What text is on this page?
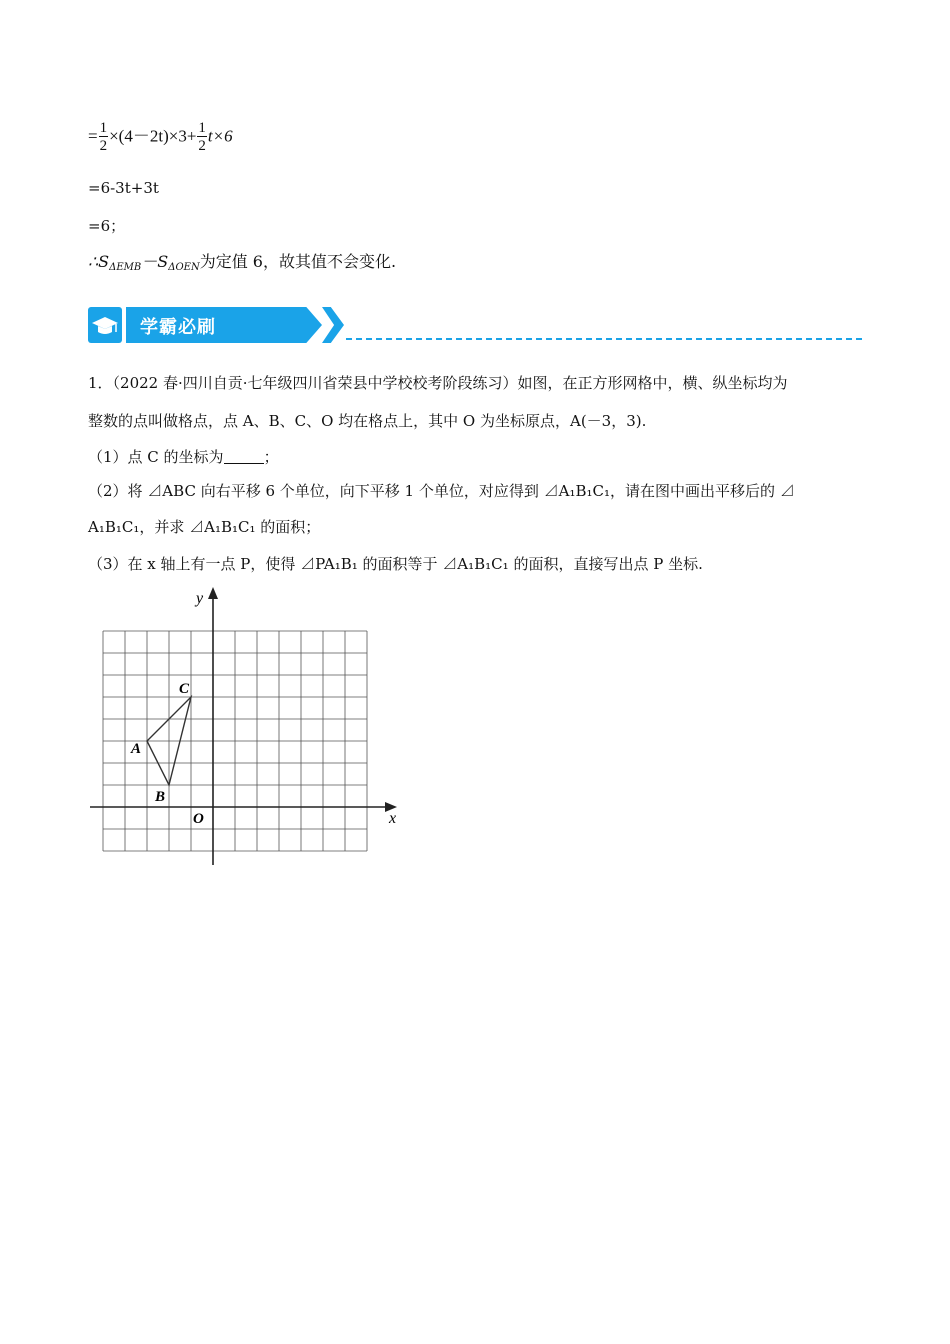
= $\frac{1}{2} \times(4-2t)\times 3+ \frac{1}{2} t\times 6$
=6-3t+3t
=6；
$\therefore S_{\Delta EMB}-S_{\Delta OEN}$为定值 6，故其值不会变化.
学霸必刷
1．（2022 春·四川自贡·七年级四川省荣县中学校校考阶段练习）如图，在正方形网格中，横、纵坐标均为
整数的点叫做格点，点 A、B、C、O 均在格点上，其中 O 为坐标原点，A(－3，3).
（1）点 C 的坐标为	；
（2）将 ⊿ABC 向右平移 6 个单位，向下平移 1 个单位，对应得到 ⊿A₁B₁C₁，请在图中画出平移后的 ⊿
A₁B₁C₁，并求 ⊿A₁B₁C₁ 的面积；
（3）在 x 轴上有一点 P，使得 ⊿PA₁B₁ 的面积等于 ⊿A₁B₁C₁ 的面积，直接写出点 P 坐标.
x
y
O
A
B
C
